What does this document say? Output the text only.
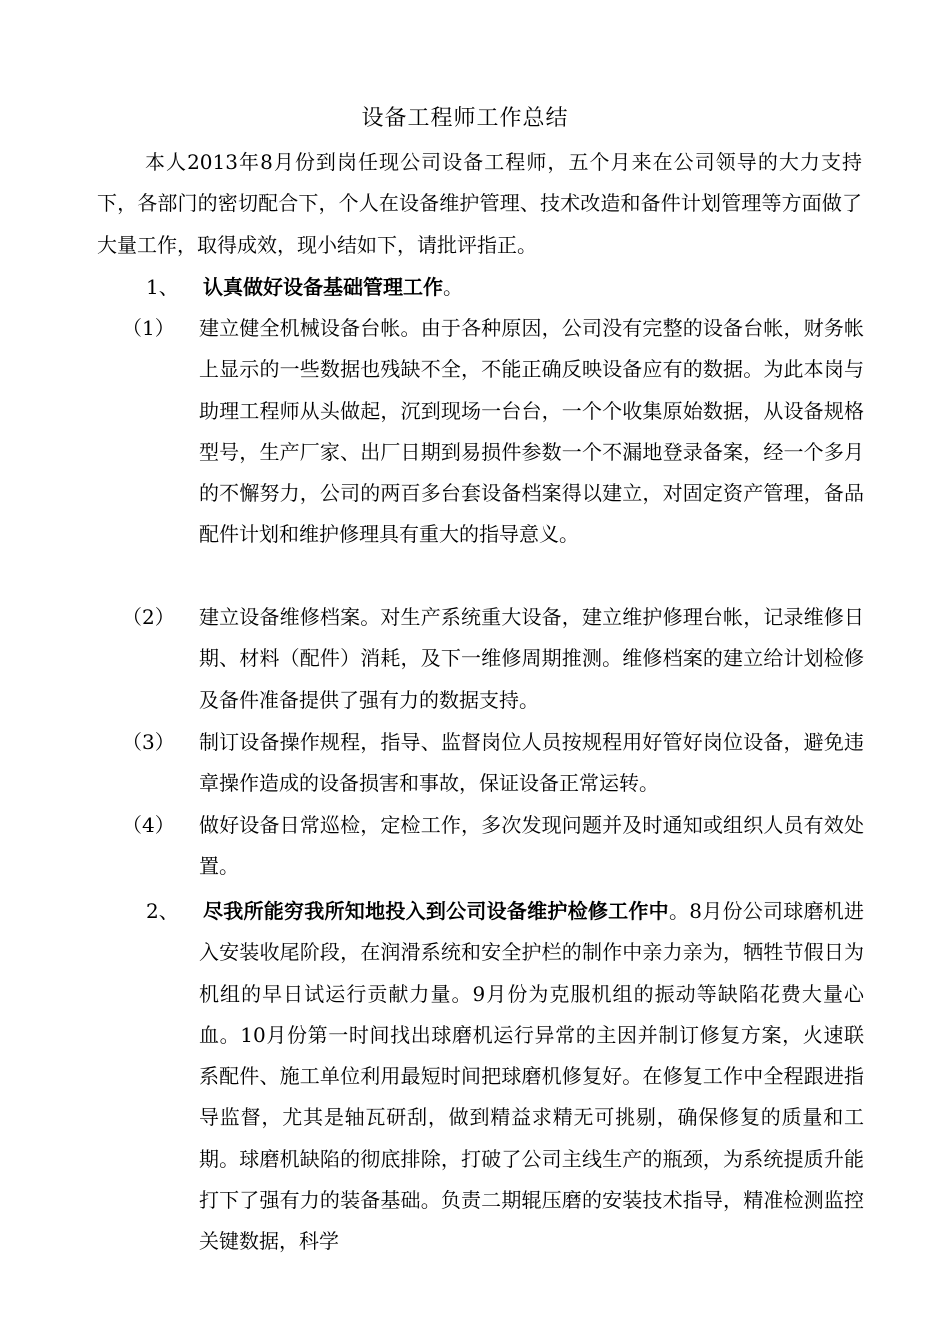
设备工程师工作总结

本人2013年8月份到岗任现公司设备工程师，五个月来在公司领导的大力支持下，各部门的密切配合下，个人在设备维护管理、技术改造和备件计划管理等方面做了大量工作，取得成效，现小结如下，请批评指正。

1、 认真做好设备基础管理工作。
（1） 建立健全机械设备台帐。由于各种原因，公司没有完整的设备台帐，财务帐上显示的一些数据也残缺不全，不能正确反映设备应有的数据。为此本岗与助理工程师从头做起，沉到现场一台台，一个个收集原始数据，从设备规格型号，生产厂家、出厂日期到易损件参数一个不漏地登录备案，经一个多月的不懈努力，公司的两百多台套设备档案得以建立，对固定资产管理，备品配件计划和维护修理具有重大的指导意义。

（2） 建立设备维修档案。对生产系统重大设备，建立维护修理台帐，记录维修日期、材料（配件）消耗，及下一维修周期推测。维修档案的建立给计划检修及备件准备提供了强有力的数据支持。

（3） 制订设备操作规程，指导、监督岗位人员按规程用好管好岗位设备，避免违章操作造成的设备损害和事故，保证设备正常运转。

（4） 做好设备日常巡检，定检工作，多次发现问题并及时通知或组织人员有效处置。

2、 尽我所能穷我所知地投入到公司设备维护检修工作中。8月份公司球磨机进入安装收尾阶段，在润滑系统和安全护栏的制作中亲力亲为，牺牲节假日为机组的早日试运行贡献力量。9月份为克服机组的振动等缺陷花费大量心血。10月份第一时间找出球磨机运行异常的主因并制订修复方案，火速联系配件、施工单位利用最短时间把球磨机修复好。在修复工作中全程跟进指导监督，尤其是轴瓦研刮，做到精益求精无可挑剔，确保修复的质量和工期。球磨机缺陷的彻底排除，打破了公司主线生产的瓶颈，为系统提质升能打下了强有力的装备基础。负责二期辊压磨的安装技术指导，精准检测监控关键数据，科学
